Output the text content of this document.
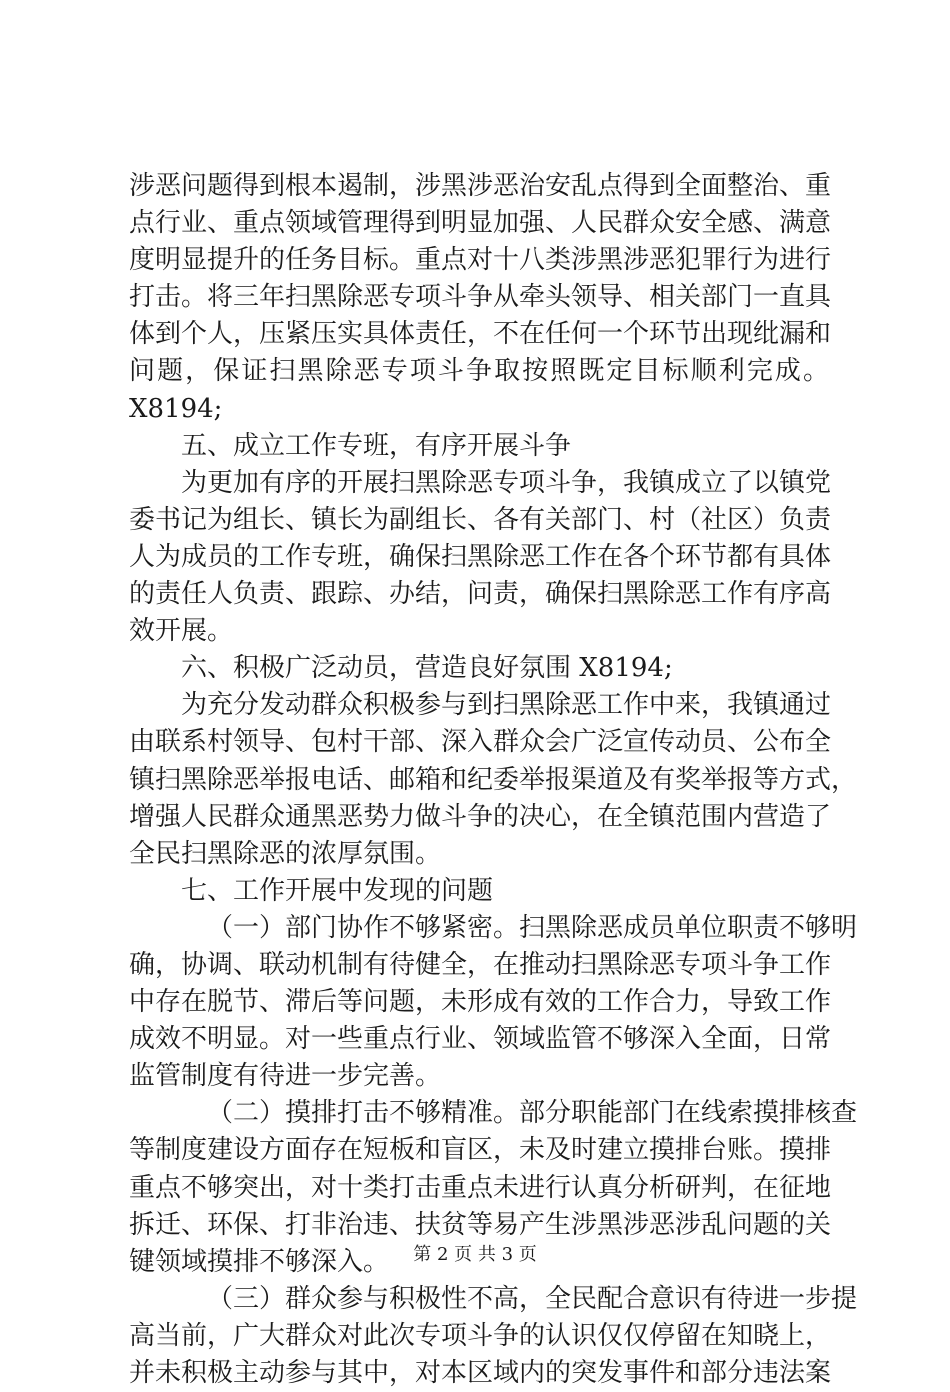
涉恶问题得到根本遏制，涉黑涉恶治安乱点得到全面整治、重
点行业、重点领域管理得到明显加强、人民群众安全感、满意
度明显提升的任务目标。重点对十八类涉黑涉恶犯罪行为进行
打击。将三年扫黑除恶专项斗争从牵头领导、相关部门一直具
体到个人，压紧压实具体责任，不在任何一个环节出现纰漏和
问题，保证扫黑除恶专项斗争取按照既定目标顺利完成。
X8194;
五、成立工作专班，有序开展斗争
为更加有序的开展扫黑除恶专项斗争，我镇成立了以镇党
委书记为组长、镇长为副组长、各有关部门、村（社区）负责
人为成员的工作专班，确保扫黑除恶工作在各个环节都有具体
的责任人负责、跟踪、办结，问责，确保扫黑除恶工作有序高
效开展。
六、积极广泛动员，营造良好氛围 X8194;
为充分发动群众积极参与到扫黑除恶工作中来，我镇通过
由联系村领导、包村干部、深入群众会广泛宣传动员、公布全
镇扫黑除恶举报电话、邮箱和纪委举报渠道及有奖举报等方式，
增强人民群众通黑恶势力做斗争的决心，在全镇范围内营造了
全民扫黑除恶的浓厚氛围。
七、工作开展中发现的问题
（一）部门协作不够紧密。扫黑除恶成员单位职责不够明
确，协调、联动机制有待健全，在推动扫黑除恶专项斗争工作
中存在脱节、滞后等问题，未形成有效的工作合力，导致工作
成效不明显。对一些重点行业、领域监管不够深入全面，日常
监管制度有待进一步完善。
（二）摸排打击不够精准。部分职能部门在线索摸排核查
等制度建设方面存在短板和盲区，未及时建立摸排台账。摸排
重点不够突出，对十类打击重点未进行认真分析研判，在征地
拆迁、环保、打非治违、扶贫等易产生涉黑涉恶涉乱问题的关
键领域摸排不够深入。
（三）群众参与积极性不高，全民配合意识有待进一步提
高当前，广大群众对此次专项斗争的认识仅仅停留在知晓上，
并未积极主动参与其中，对本区域内的突发事件和部分违法案
第 2 页 共 3 页
